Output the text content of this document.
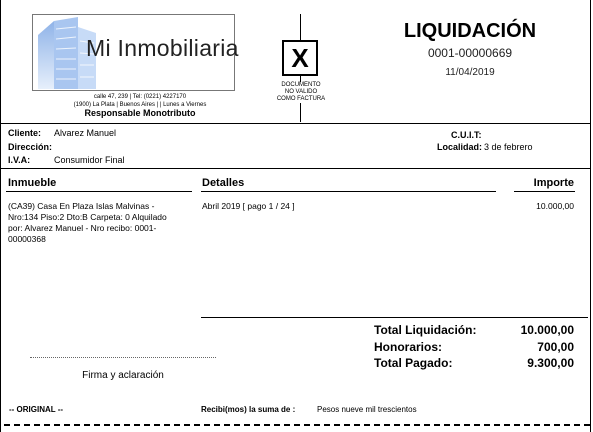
Mi Inmobiliaria
calle 47, 239 | Tel: (0221) 4227170
(1900) La Plata | Buenos Aires | | Lunes a Viernes
Responsable Monotributo
X
DOCUMENTO
NO VALIDO
COMO FACTURA
LIQUIDACIÓN
0001-00000669
11/04/2019
Cliente: Alvarez Manuel
Dirección:
I.V.A:	Consumidor Final
C.U.I.T:
Localidad: 3 de febrero
Inmueble	Detalles	Importe
(CA39) Casa En Plaza Islas Malvinas -
Nro:134 Piso:2 Dto:B Carpeta: 0 Alquilado
por: Alvarez Manuel - Nro recibo: 0001-
00000368
Abril 2019 [ pago 1 / 24 ]	10.000,00
Total Liquidación:	10.000,00
Honorarios:	700,00
Total Pagado:	9.300,00
Firma y aclaración
-- ORIGINAL --	Recibi(mos) la suma de :	Pesos nueve mil trescientos
